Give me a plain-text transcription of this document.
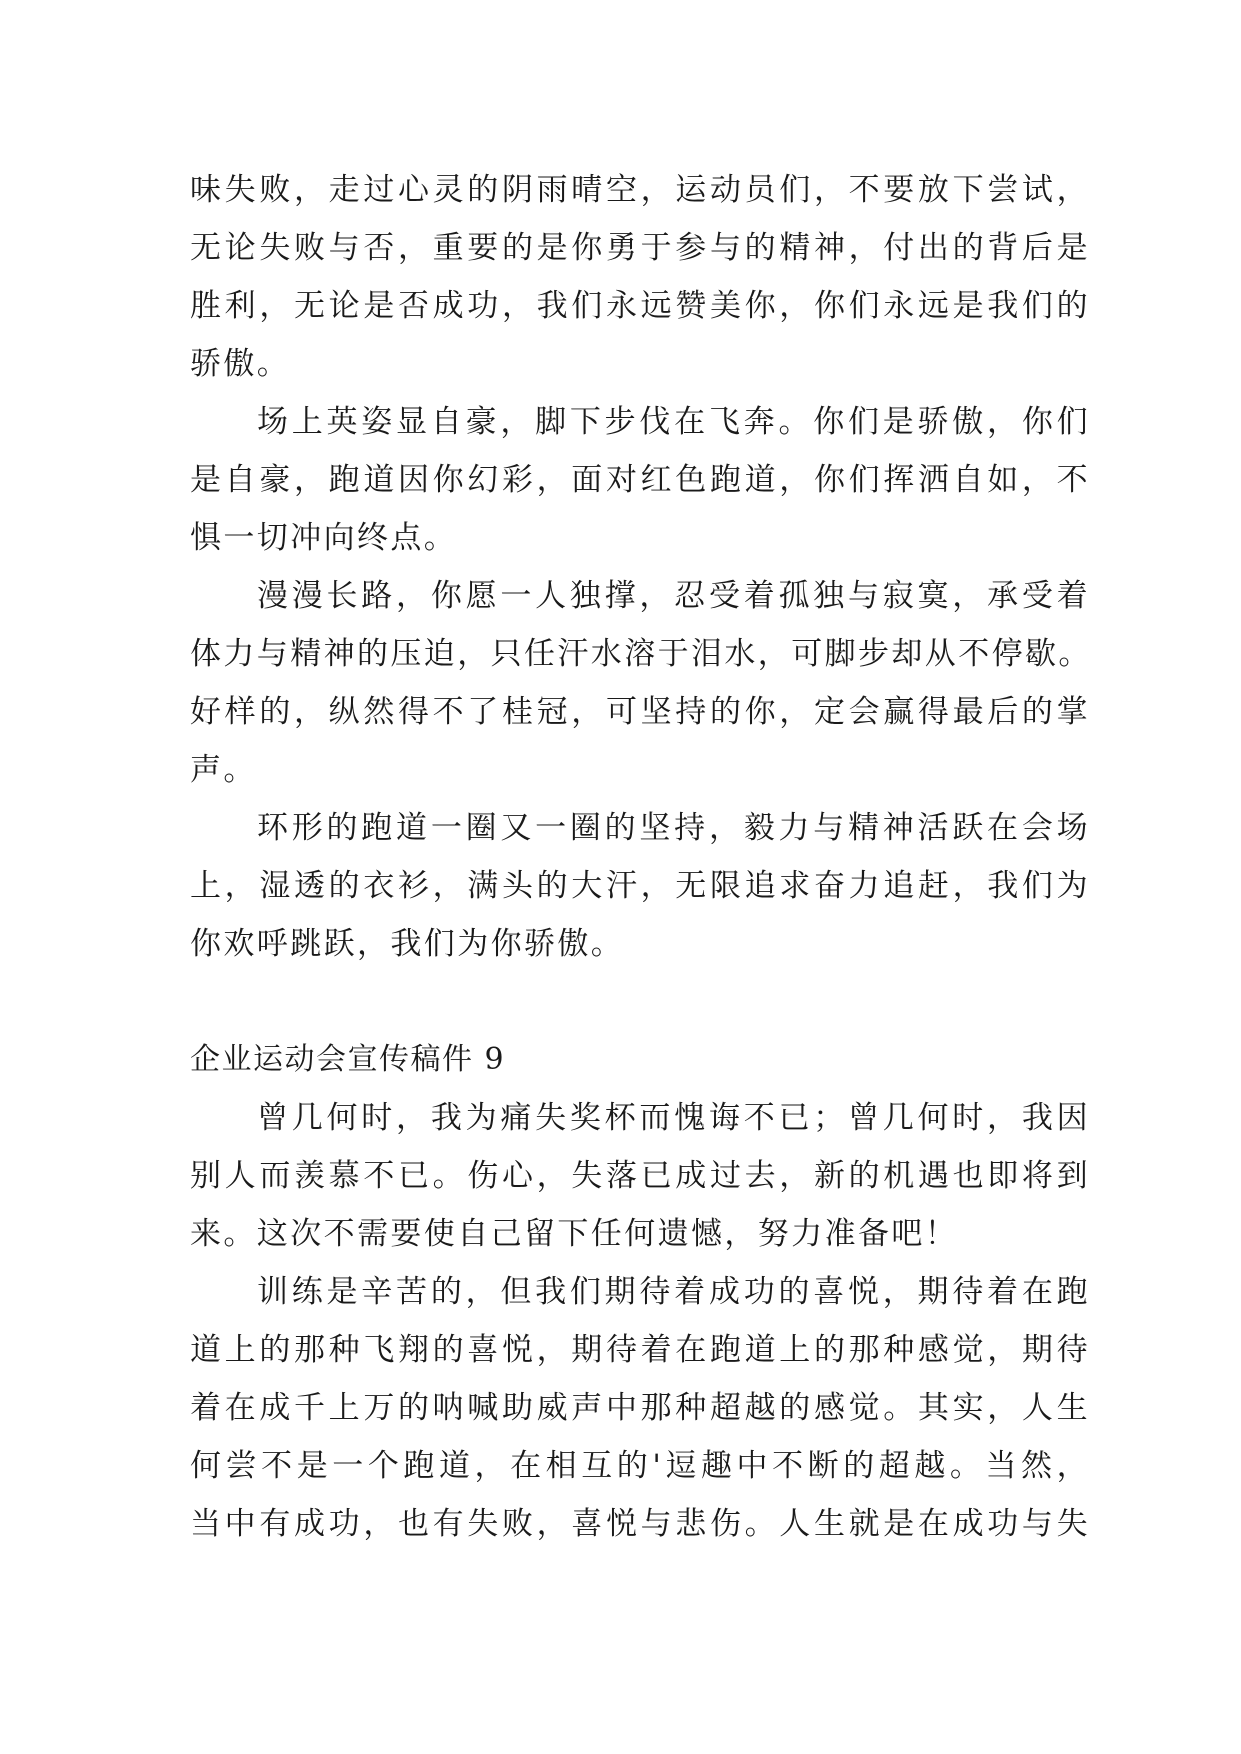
味失败，走过心灵的阴雨晴空，运动员们，不要放下尝试，
无论失败与否，重要的是你勇于参与的精神，付出的背后是
胜利，无论是否成功，我们永远赞美你，你们永远是我们的
骄傲。
场上英姿显自豪，脚下步伐在飞奔。你们是骄傲，你们
是自豪，跑道因你幻彩，面对红色跑道，你们挥洒自如，不
惧一切冲向终点。
漫漫长路，你愿一人独撑，忍受着孤独与寂寞，承受着
体力与精神的压迫，只任汗水溶于泪水，可脚步却从不停歇。
好样的，纵然得不了桂冠，可坚持的你，定会赢得最后的掌
声。
环形的跑道一圈又一圈的坚持，毅力与精神活跃在会场
上，湿透的衣衫，满头的大汗，无限追求奋力追赶，我们为
你欢呼跳跃，我们为你骄傲。
企业运动会宣传稿件 9
曾几何时，我为痛失奖杯而愧诲不已；曾几何时，我因
别人而羡慕不已。伤心，失落已成过去，新的机遇也即将到
来。这次不需要使自己留下任何遗憾，努力准备吧！
训练是辛苦的，但我们期待着成功的喜悦，期待着在跑
道上的那种飞翔的喜悦，期待着在跑道上的那种感觉，期待
着在成千上万的呐喊助威声中那种超越的感觉。其实，人生
何尝不是一个跑道，在相互的'逗趣中不断的超越。当然，
当中有成功，也有失败，喜悦与悲伤。人生就是在成功与失
